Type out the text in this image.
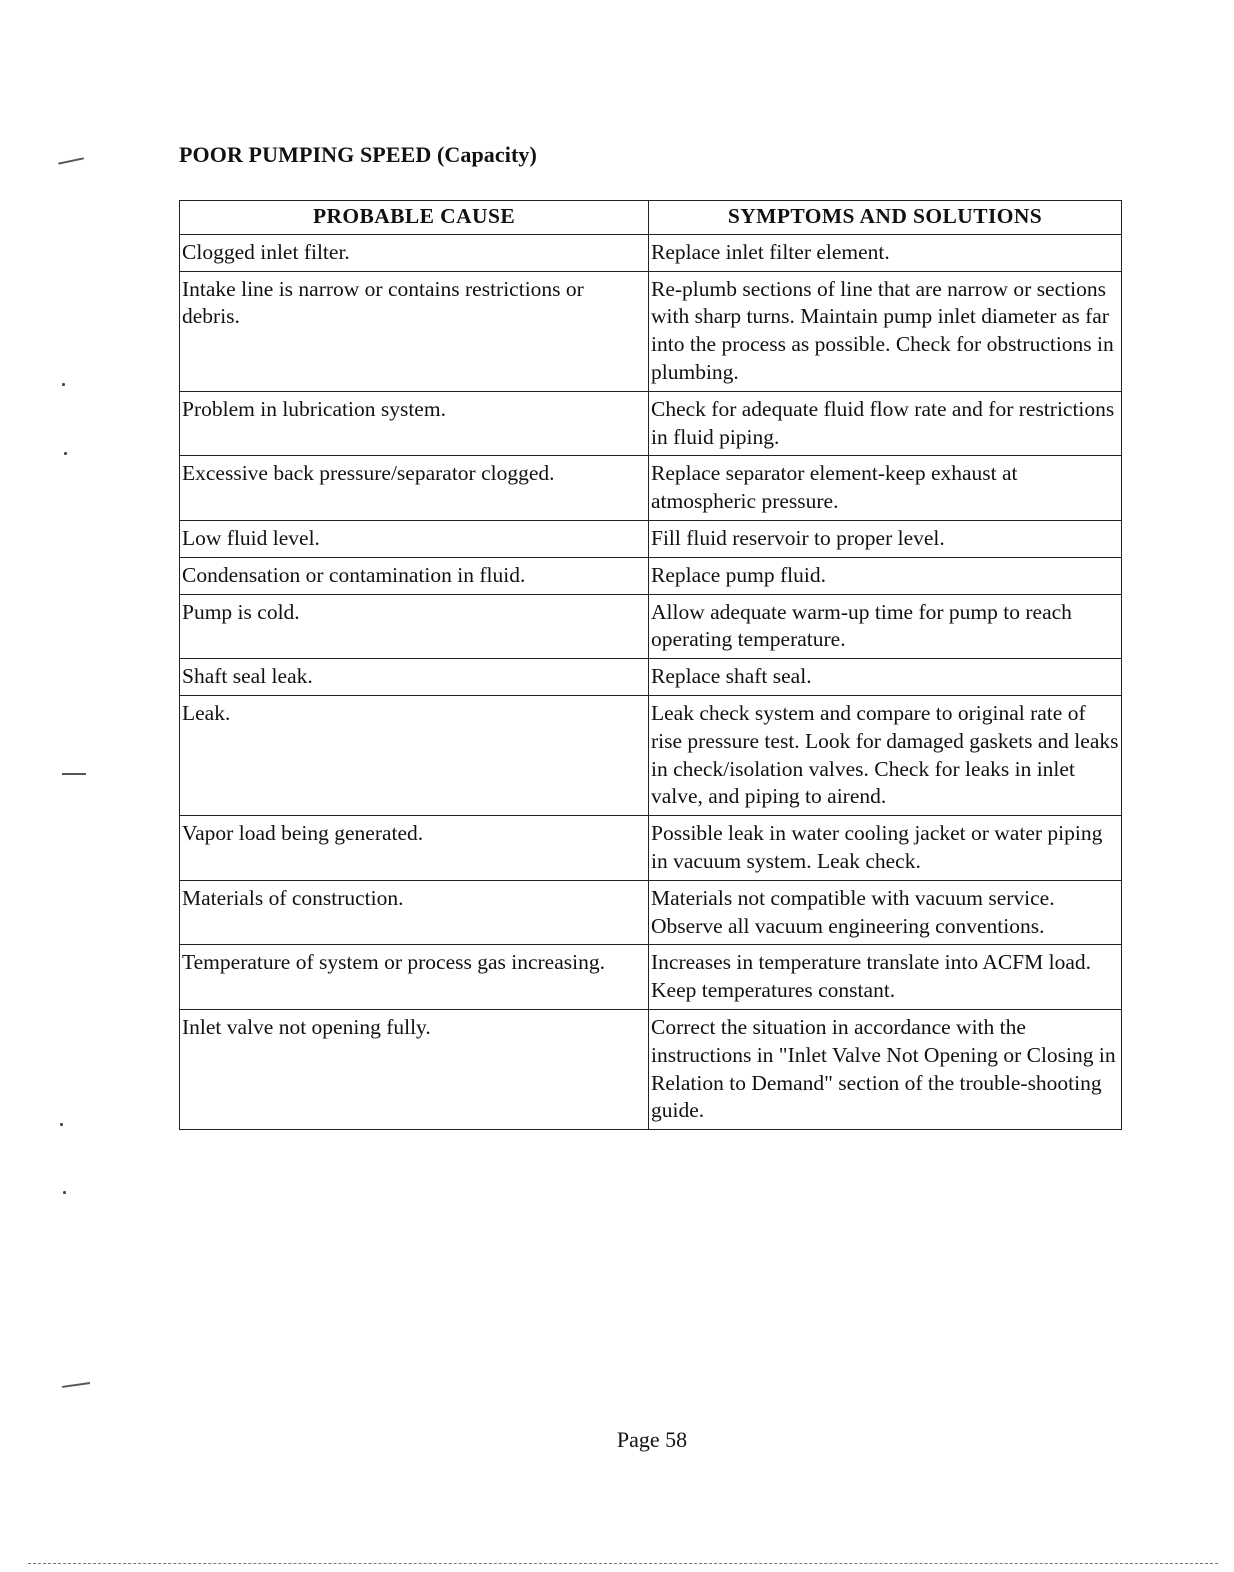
POOR PUMPING SPEED (Capacity)
PROBABLE CAUSE	SYMPTOMS AND SOLUTIONS
Clogged inlet filter.	Replace inlet filter element.
Intake line is narrow or contains restrictions or debris.	Re-plumb sections of line that are narrow or sections with sharp turns. Maintain pump inlet diameter as far into the process as possible. Check for obstructions in plumbing.
Problem in lubrication system.	Check for adequate fluid flow rate and for restrictions in fluid piping.
Excessive back pressure/separator clogged.	Replace separator element-keep exhaust at atmospheric pressure.
Low fluid level.	Fill fluid reservoir to proper level.
Condensation or contamination in fluid.	Replace pump fluid.
Pump is cold.	Allow adequate warm-up time for pump to reach operating temperature.
Shaft seal leak.	Replace shaft seal.
Leak.	Leak check system and compare to original rate of rise pressure test. Look for damaged gaskets and leaks in check/isolation valves. Check for leaks in inlet valve, and piping to airend.
Vapor load being generated.	Possible leak in water cooling jacket or water piping in vacuum system. Leak check.
Materials of construction.	Materials not compatible with vacuum service. Observe all vacuum engineering conventions.
Temperature of system or process gas increasing.	Increases in temperature translate into ACFM load. Keep temperatures constant.
Inlet valve not opening fully.	Correct the situation in accordance with the instructions in "Inlet Valve Not Opening or Closing in Relation to Demand" section of the trouble-shooting guide.
Page 58
